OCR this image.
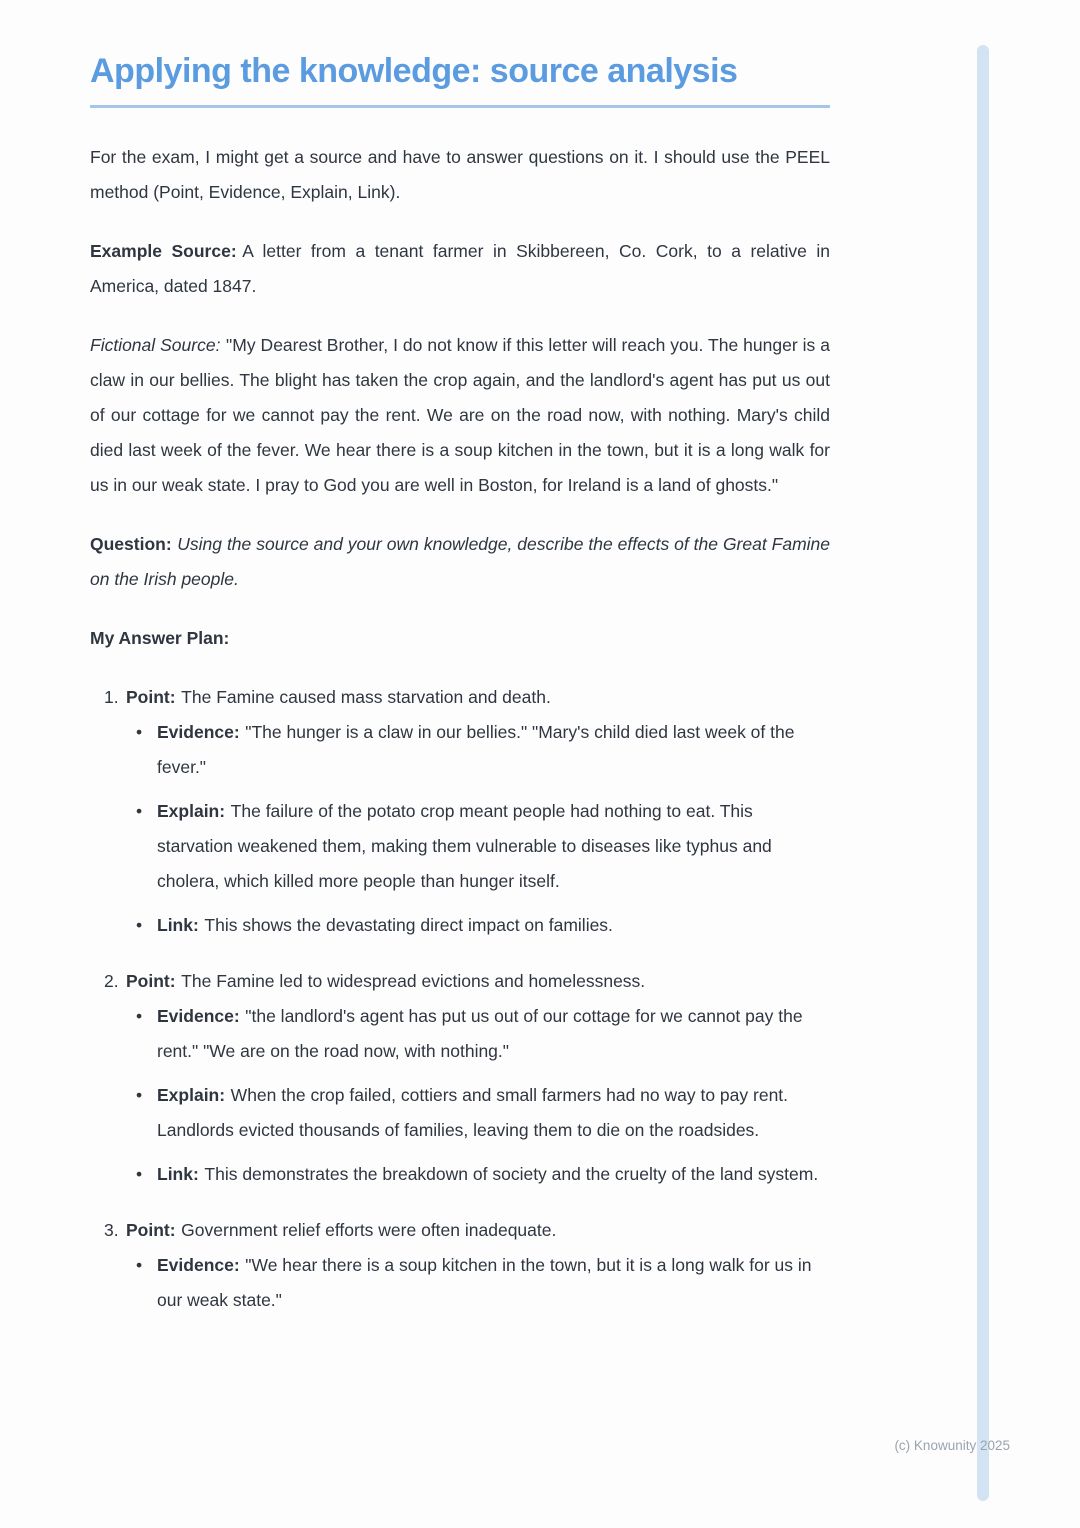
(c) Knowunity 2025
Applying the knowledge: source analysis

For the exam, I might get a source and have to answer questions on it. I should use the PEEL method (Point, Evidence, Explain, Link).

Example Source: A letter from a tenant farmer in Skibbereen, Co. Cork, to a relative in America, dated 1847.

Fictional Source: "My Dearest Brother, I do not know if this letter will reach you. The hunger is a claw in our bellies. The blight has taken the crop again, and the landlord's agent has put us out of our cottage for we cannot pay the rent. We are on the road now, with nothing. Mary's child died last week of the fever. We hear there is a soup kitchen in the town, but it is a long walk for us in our weak state. I pray to God you are well in Boston, for Ireland is a land of ghosts."

Question: Using the source and your own knowledge, describe the effects of the Great Famine on the Irish people.

My Answer Plan:

1. Point: The Famine caused mass starvation and death.

• Evidence: "The hunger is a claw in our bellies." "Mary's child died last week of the fever."

• Explain: The failure of the potato crop meant people had nothing to eat. This starvation weakened them, making them vulnerable to diseases like typhus and cholera, which killed more people than hunger itself.

• Link: This shows the devastating direct impact on families.

2. Point: The Famine led to widespread evictions and homelessness.

• Evidence: "the landlord's agent has put us out of our cottage for we cannot pay the rent." "We are on the road now, with nothing."

• Explain: When the crop failed, cottiers and small farmers had no way to pay rent. Landlords evicted thousands of families, leaving them to die on the roadsides.

• Link: This demonstrates the breakdown of society and the cruelty of the land system.

3. Point: Government relief efforts were often inadequate.

• Evidence: "We hear there is a soup kitchen in the town, but it is a long walk for us in our weak state."
